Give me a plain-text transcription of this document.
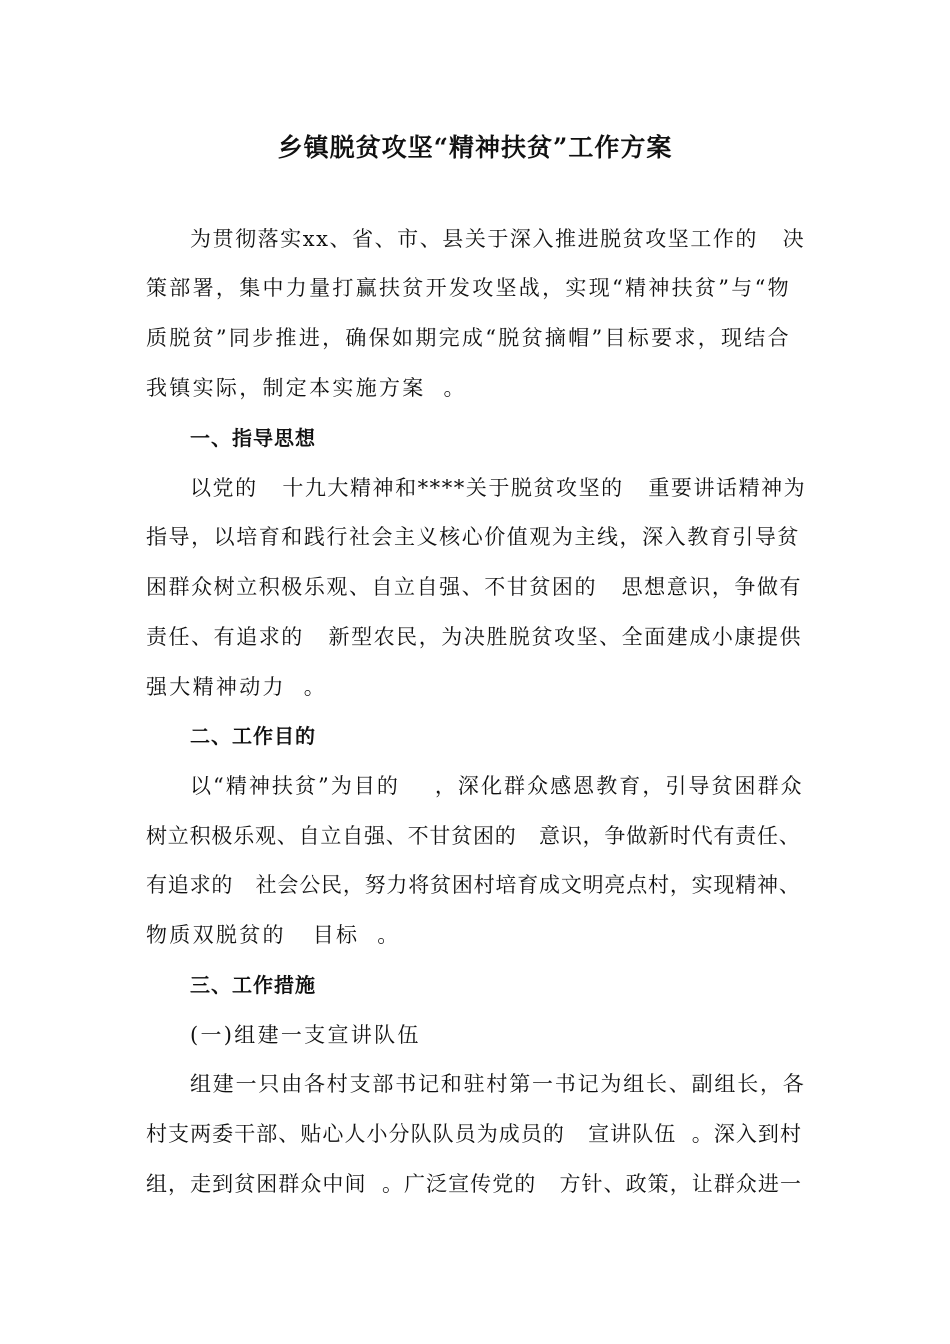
乡镇脱贫攻坚“精神扶贫”工作方案
为贯彻落实xx、省、市、县关于深入推进脱贫攻坚工作的   决
策部署，集中力量打赢扶贫开发攻坚战，实现“精神扶贫”与“物
质脱贫”同步推进，确保如期完成“脱贫摘帽”目标要求，现结合
我镇实际，制定本实施方案  。
一、指导思想
以党的   十九大精神和****关于脱贫攻坚的   重要讲话精神为
指导，以培育和践行社会主义核心价值观为主线，深入教育引导贫
困群众树立积极乐观、自立自强、不甘贫困的   思想意识，争做有
责任、有追求的   新型农民，为决胜脱贫攻坚、全面建成小康提供
强大精神动力  。
二、工作目的
以“精神扶贫”为目的    ，深化群众感恩教育，引导贫困群众
树立积极乐观、自立自强、不甘贫困的   意识，争做新时代有责任、
有追求的   社会公民，努力将贫困村培育成文明亮点村，实现精神、
物质双脱贫的   目标  。
三、工作措施
(一)组建一支宣讲队伍
组建一只由各村支部书记和驻村第一书记为组长、副组长，各
村支两委干部、贴心人小分队队员为成员的   宣讲队伍  。深入到村
组，走到贫困群众中间  。广泛宣传党的   方针、政策，让群众进一
